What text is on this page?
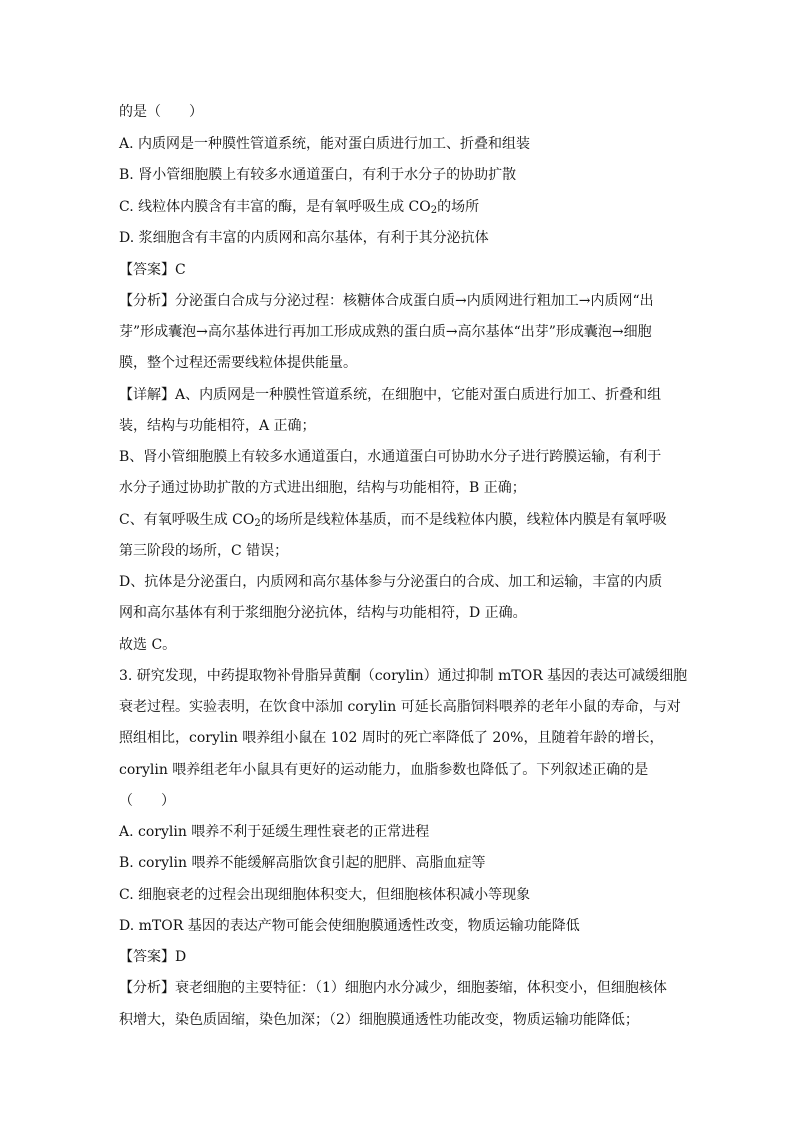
的是（　　）
A. 内质网是一种膜性管道系统，能对蛋白质进行加工、折叠和组装
B. 肾小管细胞膜上有较多水通道蛋白，有利于水分子的协助扩散
C. 线粒体内膜含有丰富的酶，是有氧呼吸生成 $CO_2$的场所
D. 浆细胞含有丰富的内质网和高尔基体，有利于其分泌抗体
【答案】C
【分析】分泌蛋白合成与分泌过程：核糖体合成蛋白质→内质网进行粗加工→内质网“出
芽”形成囊泡→高尔基体进行再加工形成成熟的蛋白质→高尔基体“出芽”形成囊泡→细胞
膜，整个过程还需要线粒体提供能量。
【详解】A、内质网是一种膜性管道系统，在细胞中，它能对蛋白质进行加工、折叠和组
装，结构与功能相符，A 正确；
B、肾小管细胞膜上有较多水通道蛋白，水通道蛋白可协助水分子进行跨膜运输，有利于
水分子通过协助扩散的方式进出细胞，结构与功能相符，B 正确；
C、有氧呼吸生成 $CO_2$的场所是线粒体基质，而不是线粒体内膜，线粒体内膜是有氧呼吸
第三阶段的场所，C 错误；
D、抗体是分泌蛋白，内质网和高尔基体参与分泌蛋白的合成、加工和运输，丰富的内质
网和高尔基体有利于浆细胞分泌抗体，结构与功能相符，D 正确。
故选 C。
3. 研究发现，中药提取物补骨脂异黄酮（corylin）通过抑制 mTOR 基因的表达可减缓细胞
衰老过程。实验表明，在饮食中添加 corylin 可延长高脂饲料喂养的老年小鼠的寿命，与对
照组相比，corylin 喂养组小鼠在 102 周时的死亡率降低了 20%，且随着年龄的增长，
corylin 喂养组老年小鼠具有更好的运动能力，血脂参数也降低了。下列叙述正确的是
（　　）
A. corylin 喂养不利于延缓生理性衰老的正常进程
B. corylin 喂养不能缓解高脂饮食引起的肥胖、高脂血症等
C. 细胞衰老的过程会出现细胞体积变大，但细胞核体积减小等现象
D. mTOR 基因的表达产物可能会使细胞膜通透性改变，物质运输功能降低
【答案】D
【分析】衰老细胞的主要特征：（1）细胞内水分减少，细胞萎缩，体积变小，但细胞核体
积增大，染色质固缩，染色加深；（2）细胞膜通透性功能改变，物质运输功能降低；
